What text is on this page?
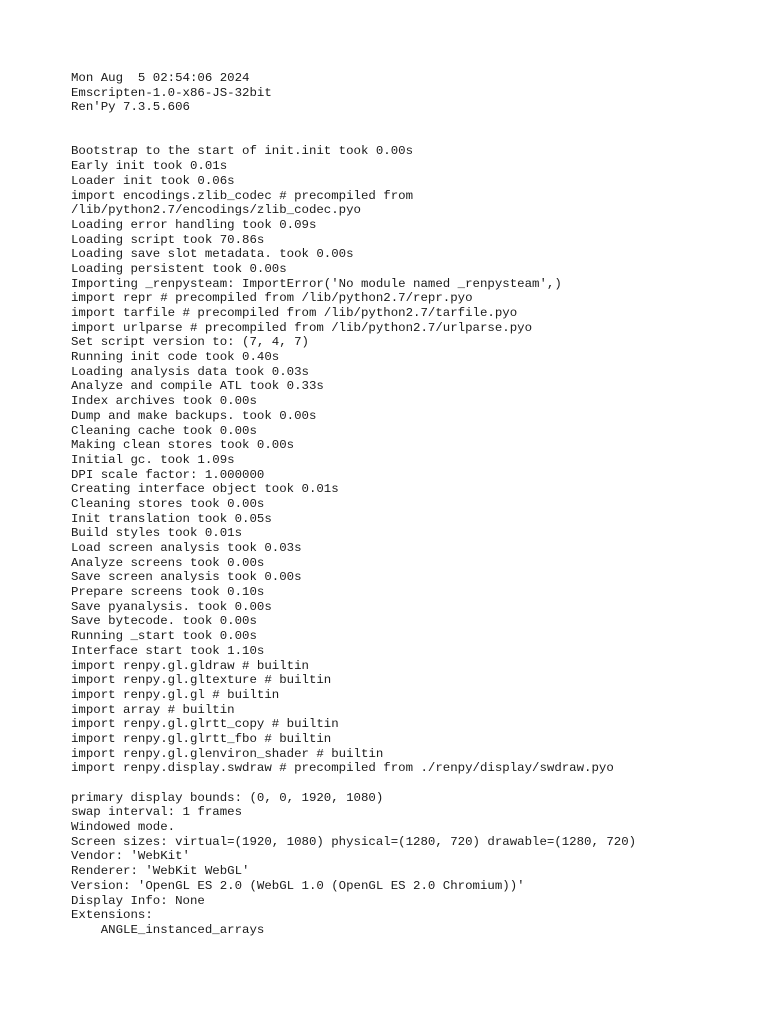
Mon Aug  5 02:54:06 2024
Emscripten-1.0-x86-JS-32bit
Ren'Py 7.3.5.606

Bootstrap to the start of init.init took 0.00s
Early init took 0.01s
Loader init took 0.06s
import encodings.zlib_codec # precompiled from
/lib/python2.7/encodings/zlib_codec.pyo
Loading error handling took 0.09s
Loading script took 70.86s
Loading save slot metadata. took 0.00s
Loading persistent took 0.00s
Importing _renpysteam: ImportError('No module named _renpysteam',)
import repr # precompiled from /lib/python2.7/repr.pyo
import tarfile # precompiled from /lib/python2.7/tarfile.pyo
import urlparse # precompiled from /lib/python2.7/urlparse.pyo
Set script version to: (7, 4, 7)
Running init code took 0.40s
Loading analysis data took 0.03s
Analyze and compile ATL took 0.33s
Index archives took 0.00s
Dump and make backups. took 0.00s
Cleaning cache took 0.00s
Making clean stores took 0.00s
Initial gc. took 1.09s
DPI scale factor: 1.000000
Creating interface object took 0.01s
Cleaning stores took 0.00s
Init translation took 0.05s
Build styles took 0.01s
Load screen analysis took 0.03s
Analyze screens took 0.00s
Save screen analysis took 0.00s
Prepare screens took 0.10s
Save pyanalysis. took 0.00s
Save bytecode. took 0.00s
Running _start took 0.00s
Interface start took 1.10s
import renpy.gl.gldraw # builtin
import renpy.gl.gltexture # builtin
import renpy.gl.gl # builtin
import array # builtin
import renpy.gl.glrtt_copy # builtin
import renpy.gl.glrtt_fbo # builtin
import renpy.gl.glenviron_shader # builtin
import renpy.display.swdraw # precompiled from ./renpy/display/swdraw.pyo

primary display bounds: (0, 0, 1920, 1080)
swap interval: 1 frames
Windowed mode.
Screen sizes: virtual=(1920, 1080) physical=(1280, 720) drawable=(1280, 720)
Vendor: 'WebKit'
Renderer: 'WebKit WebGL'
Version: 'OpenGL ES 2.0 (WebGL 1.0 (OpenGL ES 2.0 Chromium))'
Display Info: None
Extensions:
ANGLE_instanced_arrays
